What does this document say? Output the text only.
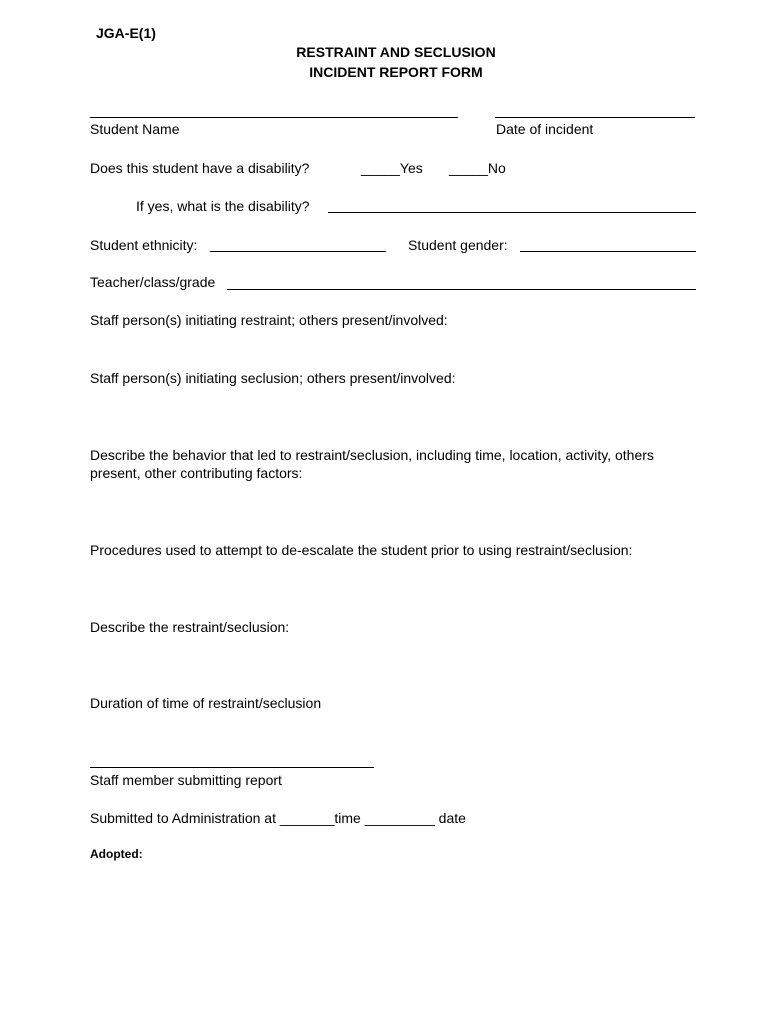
JGA-E(1)
RESTRAINT AND SECLUSION
INCIDENT REPORT FORM
Student Name	Date of incident
Does this student have a disability?	_____Yes _____No
If yes, what is the disability?
Student ethnicity:	Student gender:
Teacher/class/grade
Staff person(s) initiating restraint; others present/involved:
Staff person(s) initiating seclusion; others present/involved:
Describe the behavior that led to restraint/seclusion, including time, location, activity, others
present, other contributing factors:
Procedures used to attempt to de-escalate the student prior to using restraint/seclusion:
Describe the restraint/seclusion:
Duration of time of restraint/seclusion
Staff member submitting report
Submitted to Administration at _______time _________ date
Adopted:
